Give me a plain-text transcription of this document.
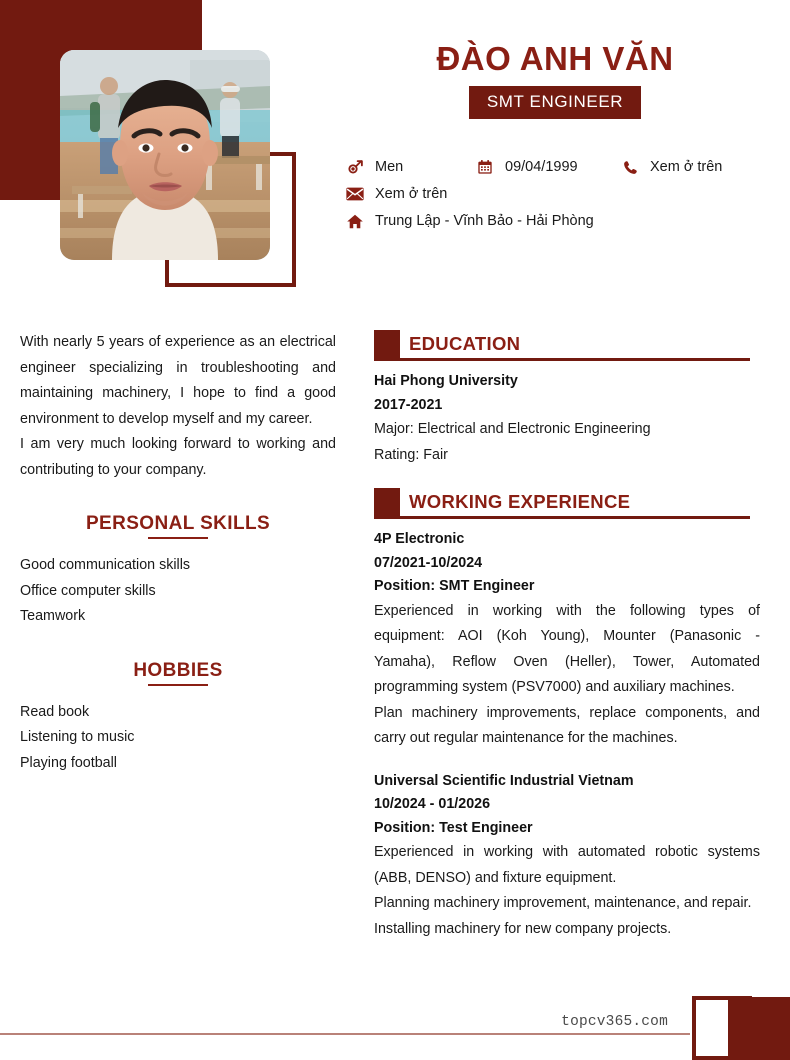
ĐÀO ANH VĂN
SMT ENGINEER
Men	09/04/1999	Xem ở trên
Xem ở trên
Trung Lập - Vĩnh Bảo - Hải Phòng

With nearly 5 years of experience as an electrical engineer specializing in troubleshooting and maintaining machinery, I hope to find a good environment to develop myself and my career.

I am very much looking forward to working and contributing to your company.

PERSONAL SKILLS
Good communication skills
Office computer skills
Teamwork
HOBBIES
Read book
Listening to music
Playing football
EDUCATION
Hai Phong University
2017-2021

Major: Electrical and Electronic Engineering

Rating: Fair

WORKING EXPERIENCE
4P Electronic
07/2021-10/2024
Position: SMT Engineer

Experienced in working with the following types of equipment: AOI (Koh Young), Mounter (Panasonic - Yamaha), Reflow Oven (Heller), Tower, Automated programming system (PSV7000) and auxiliary machines.

Plan machinery improvements, replace components, and carry out regular maintenance for the machines.

Universal Scientific Industrial Vietnam
10/2024 - 01/2026
Position: Test Engineer

Experienced in working with automated robotic systems (ABB, DENSO) and fixture equipment.

Planning machinery improvement, maintenance, and repair.

Installing machinery for new company projects.

topcv365.com
